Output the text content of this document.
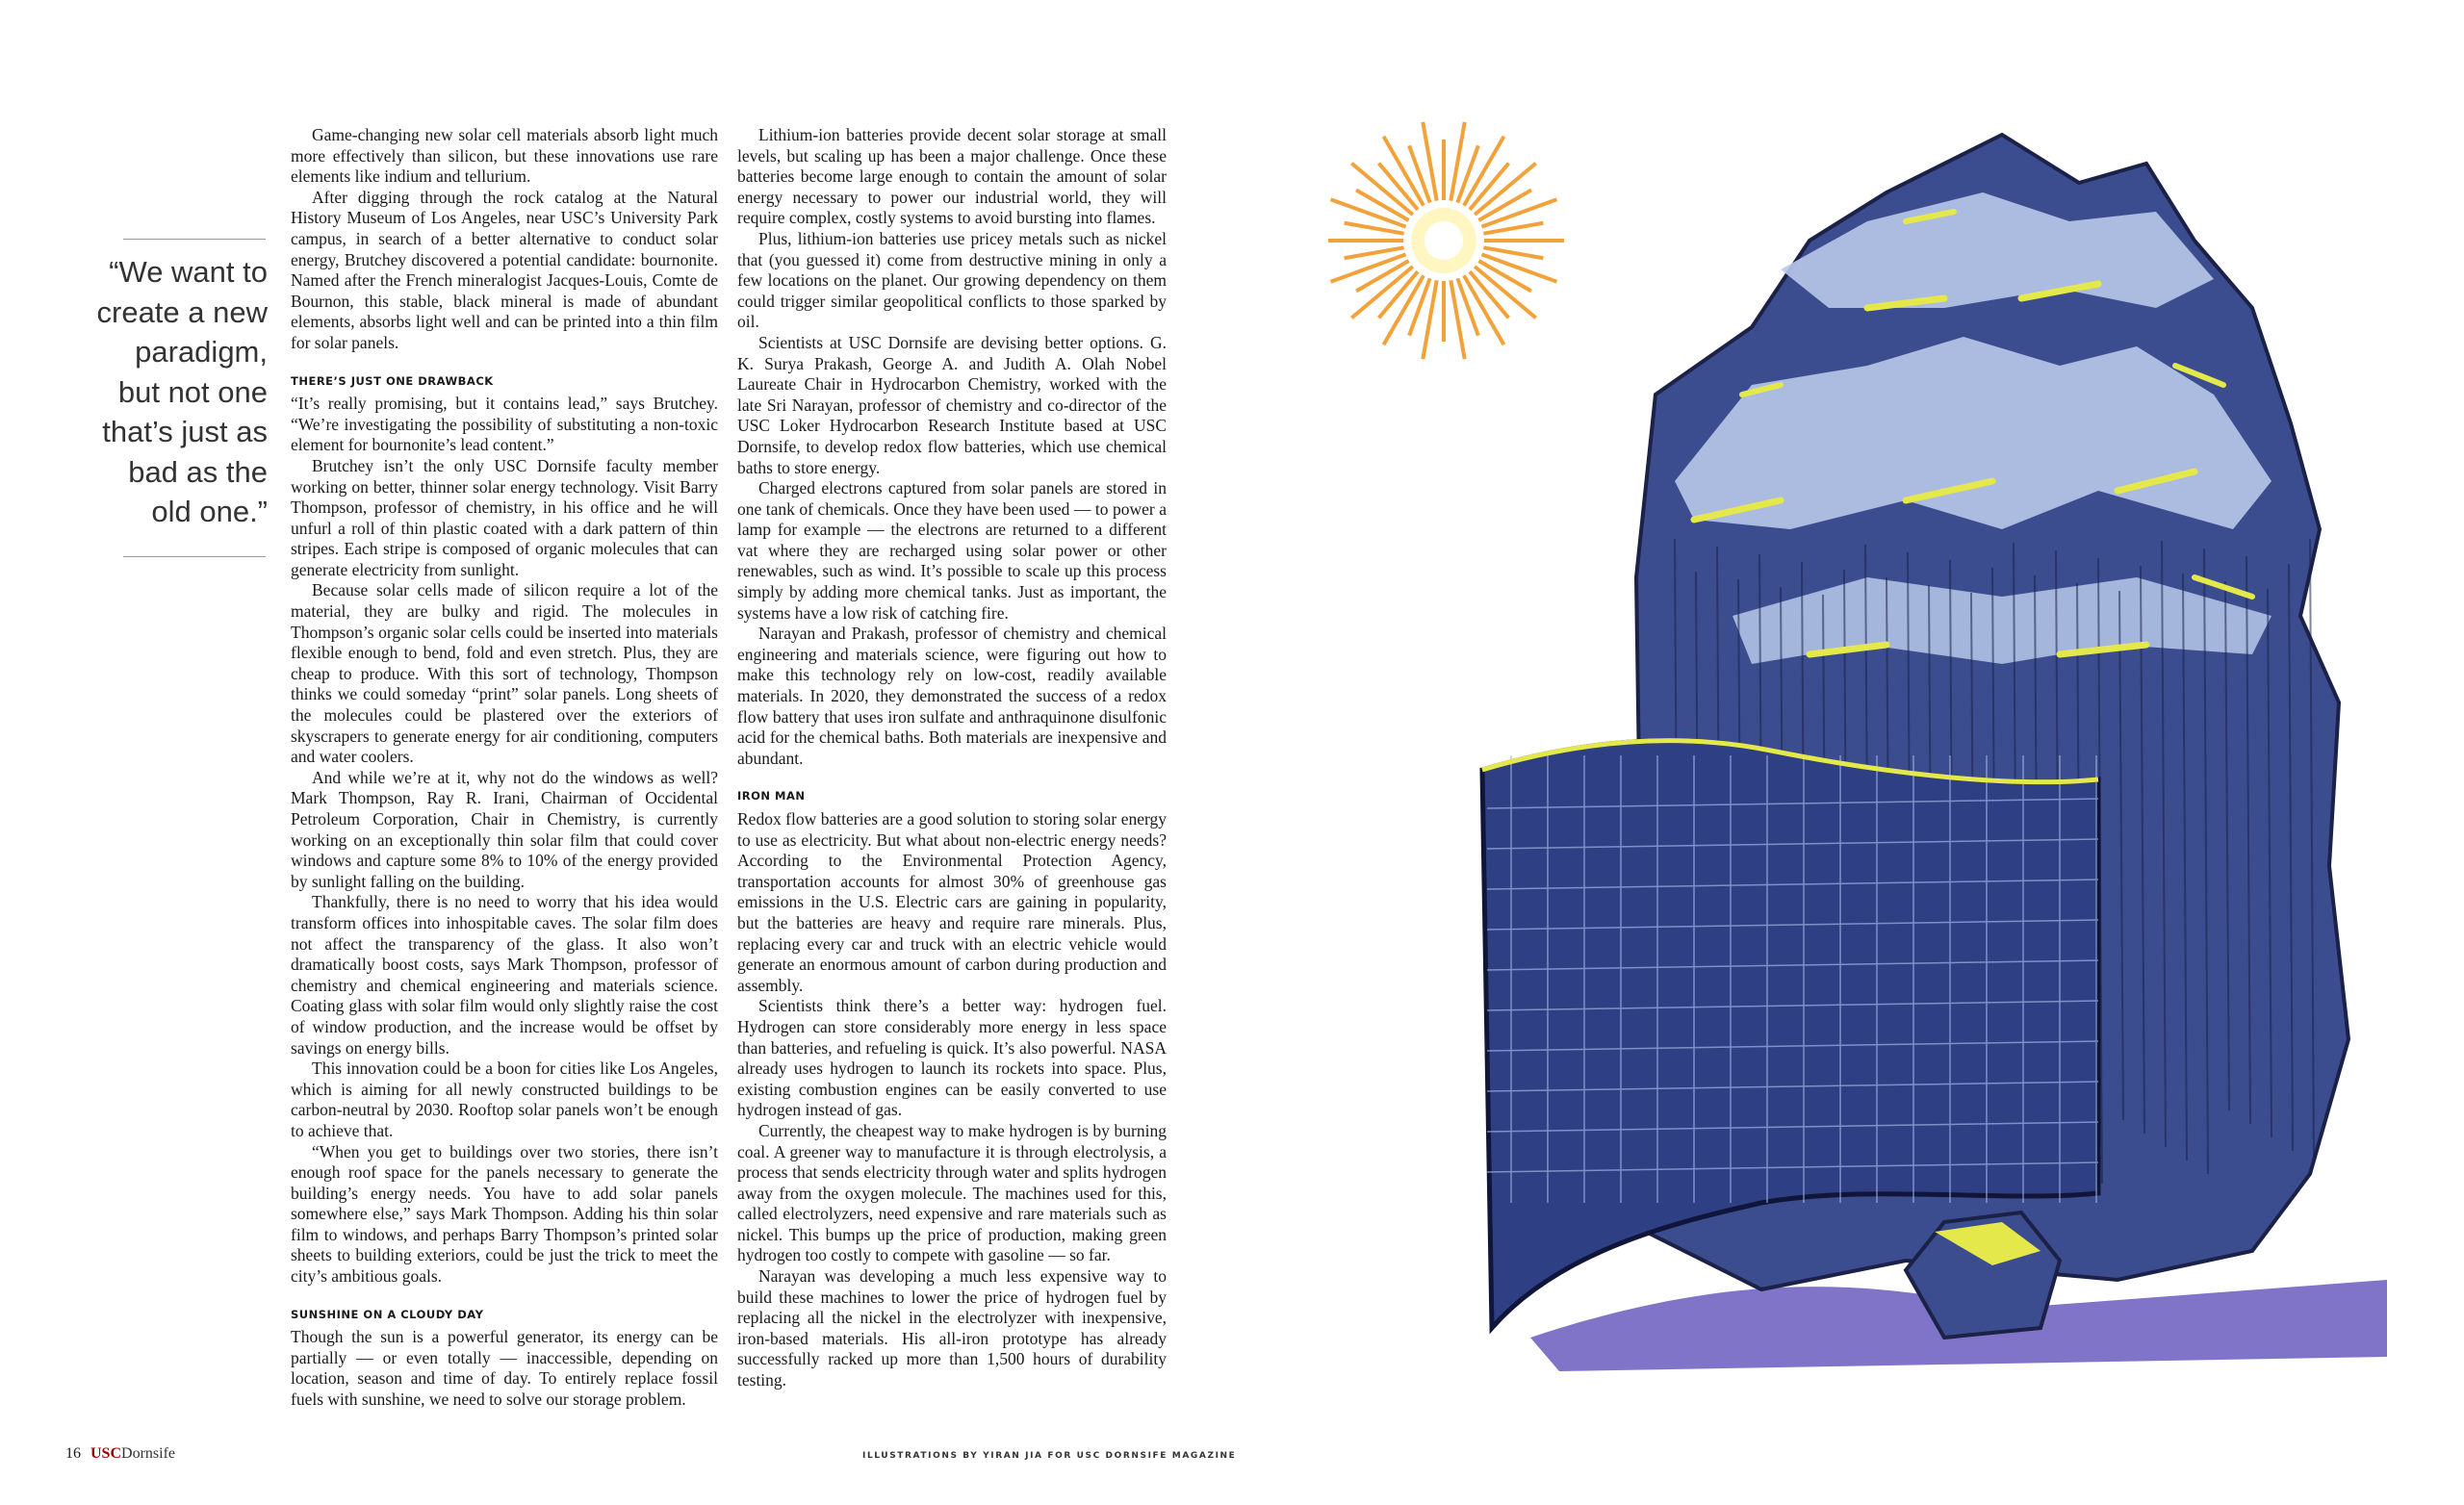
“We want to create a new paradigm, but not one that’s just as bad as the old one.”

Game-changing new solar cell materials absorb light much more effectively than silicon, but these innovations use rare elements like indium and tellurium.

After digging through the rock catalog at the Natural History Museum of Los Angeles, near USC’s University Park campus, in search of a better alternative to conduct solar energy, Brutchey discovered a potential candidate: bournonite. Named after the French mineralogist Jacques-Louis, Comte de Bournon, this stable, black mineral is made of abundant elements, absorbs light well and can be printed into a thin film for solar panels.

THERE’S JUST ONE DRAWBACK

“It’s really promising, but it contains lead,” says Brutchey. “We’re investigating the possibility of substituting a non-toxic element for bournonite’s lead content.”

Brutchey isn’t the only USC Dornsife faculty member working on better, thinner solar energy technology. Visit Barry Thompson, professor of chemistry, in his office and he will unfurl a roll of thin plastic coated with a dark pattern of thin stripes. Each stripe is composed of organic molecules that can generate electricity from sunlight.

Because solar cells made of silicon require a lot of the material, they are bulky and rigid. The molecules in Thompson’s organic solar cells could be inserted into materials flexible enough to bend, fold and even stretch. Plus, they are cheap to produce. With this sort of technology, Thompson thinks we could someday “print” solar panels. Long sheets of the molecules could be plastered over the exteriors of skyscrapers to generate energy for air conditioning, computers and water coolers.

And while we’re at it, why not do the windows as well? Mark Thompson, Ray R. Irani, Chairman of Occidental Petroleum Corporation, Chair in Chemistry, is currently working on an exceptionally thin solar film that could cover windows and capture some 8% to 10% of the energy provided by sunlight falling on the building.

Thankfully, there is no need to worry that his idea would transform offices into inhospitable caves. The solar film does not affect the transparency of the glass. It also won’t dramatically boost costs, says Mark Thompson, professor of chemistry and chemical engineering and materials science. Coating glass with solar film would only slightly raise the cost of window production, and the increase would be offset by savings on energy bills.

This innovation could be a boon for cities like Los Angeles, which is aiming for all newly constructed buildings to be carbon-neutral by 2030. Rooftop solar panels won’t be enough to achieve that.

“When you get to buildings over two stories, there isn’t enough roof space for the panels necessary to generate the building’s energy needs. You have to add solar panels somewhere else,” says Mark Thompson. Adding his thin solar film to windows, and perhaps Barry Thompson’s printed solar sheets to building exteriors, could be just the trick to meet the city’s ambitious goals.

SUNSHINE ON A CLOUDY DAY

Though the sun is a powerful generator, its energy can be partially — or even totally — inaccessible, depending on location, season and time of day. To entirely replace fossil fuels with sunshine, we need to solve our storage problem.

Lithium-ion batteries provide decent solar storage at small levels, but scaling up has been a major challenge. Once these batteries become large enough to contain the amount of solar energy necessary to power our industrial world, they will require complex, costly systems to avoid bursting into flames.

Plus, lithium-ion batteries use pricey metals such as nickel that (you guessed it) come from destructive mining in only a few locations on the planet. Our growing dependency on them could trigger similar geopolitical conflicts to those sparked by oil.

Scientists at USC Dornsife are devising better options. G. K. Surya Prakash, George A. and Judith A. Olah Nobel Laureate Chair in Hydrocarbon Chemistry, worked with the late Sri Narayan, professor of chemistry and co-director of the USC Loker Hydrocarbon Research Institute based at USC Dornsife, to develop redox flow batteries, which use chemical baths to store energy.

Charged electrons captured from solar panels are stored in one tank of chemicals. Once they have been used — to power a lamp for example — the electrons are returned to a different vat where they are recharged using solar power or other renewables, such as wind. It’s possible to scale up this process simply by adding more chemical tanks. Just as important, the systems have a low risk of catching fire.

Narayan and Prakash, professor of chemistry and chemical engineering and materials science, were figuring out how to make this technology rely on low-cost, readily available materials. In 2020, they demonstrated the success of a redox flow battery that uses iron sulfate and anthraquinone disulfonic acid for the chemical baths. Both materials are inexpensive and abundant.

IRON MAN

Redox flow batteries are a good solution to storing solar energy to use as electricity. But what about non-electric energy needs? According to the Environmental Protection Agency, transportation accounts for almost 30% of greenhouse gas emissions in the U.S. Electric cars are gaining in popularity, but the batteries are heavy and require rare minerals. Plus, replacing every car and truck with an electric vehicle would generate an enormous amount of carbon during production and assembly.

Scientists think there’s a better way: hydrogen fuel. Hydrogen can store considerably more energy in less space than batteries, and refueling is quick. It’s also powerful. NASA already uses hydrogen to launch its rockets into space. Plus, existing combustion engines can be easily converted to use hydrogen instead of gas.

Currently, the cheapest way to make hydrogen is by burning coal. A greener way to manufacture it is through electrolysis, a process that sends electricity through water and splits hydrogen away from the oxygen molecule. The machines used for this, called electrolyzers, need expensive and rare materials such as nickel. This bumps up the price of production, making green hydrogen too costly to compete with gasoline — so far.

Narayan was developing a much less expensive way to build these machines to lower the price of hydrogen fuel by replacing all the nickel in the electrolyzer with inexpensive, iron-based materials. His all-iron prototype has already successfully racked up more than 1,500 hours of durability testing.

16 USCDornsife	ILLUSTRATIONS BY YIRAN JIA FOR USC DORNSIFE MAGAZINE
